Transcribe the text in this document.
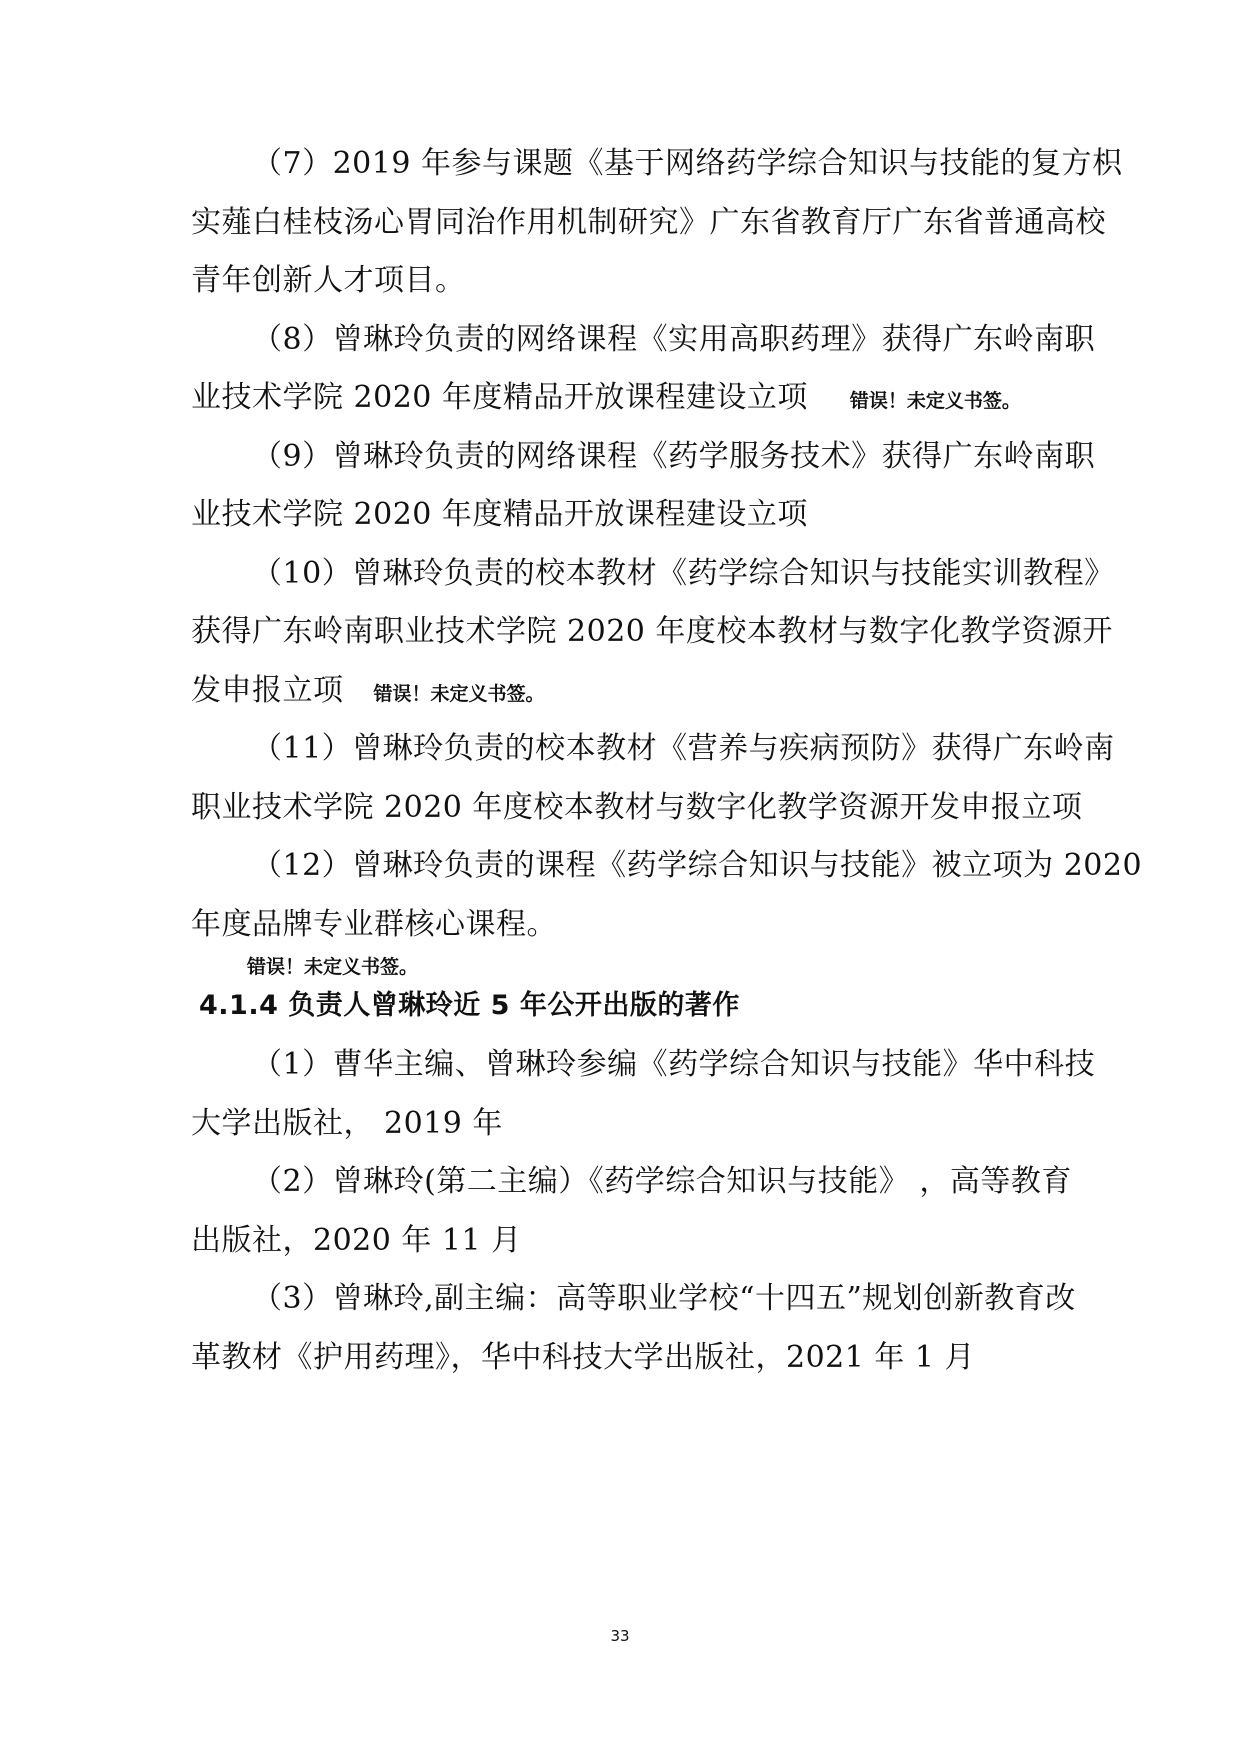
（7）2019 年参与课题《基于网络药学综合知识与技能的复方枳
实薤白桂枝汤心胃同治作用机制研究》广东省教育厅广东省普通高校
青年创新人才项目。
（8）曾琳玲负责的网络课程《实用高职药理》获得广东岭南职
业技术学院 2020 年度精品开放课程建设立项 错误！未定义书签。
（9）曾琳玲负责的网络课程《药学服务技术》获得广东岭南职
业技术学院 2020 年度精品开放课程建设立项
（10）曾琳玲负责的校本教材《药学综合知识与技能实训教程》
获得广东岭南职业技术学院 2020 年度校本教材与数字化教学资源开
发申报立项 错误！未定义书签。
（11）曾琳玲负责的校本教材《营养与疾病预防》获得广东岭南
职业技术学院 2020 年度校本教材与数字化教学资源开发申报立项
（12）曾琳玲负责的课程《药学综合知识与技能》被立项为 2020
年度品牌专业群核心课程。
错误！未定义书签。
4.1.4 负责人曾琳玲近 5 年公开出版的著作
（1）曹华主编、曾琳玲参编《药学综合知识与技能》华中科技
大学出版社， 2019 年
（2）曾琳玲(第二主编）《药学综合知识与技能》 ，高等教育
出版社，2020 年 11 月
（3）曾琳玲,副主编：高等职业学校“十四五”规划创新教育改
革教材《护用药理》，华中科技大学出版社，2021 年 1 月
33
